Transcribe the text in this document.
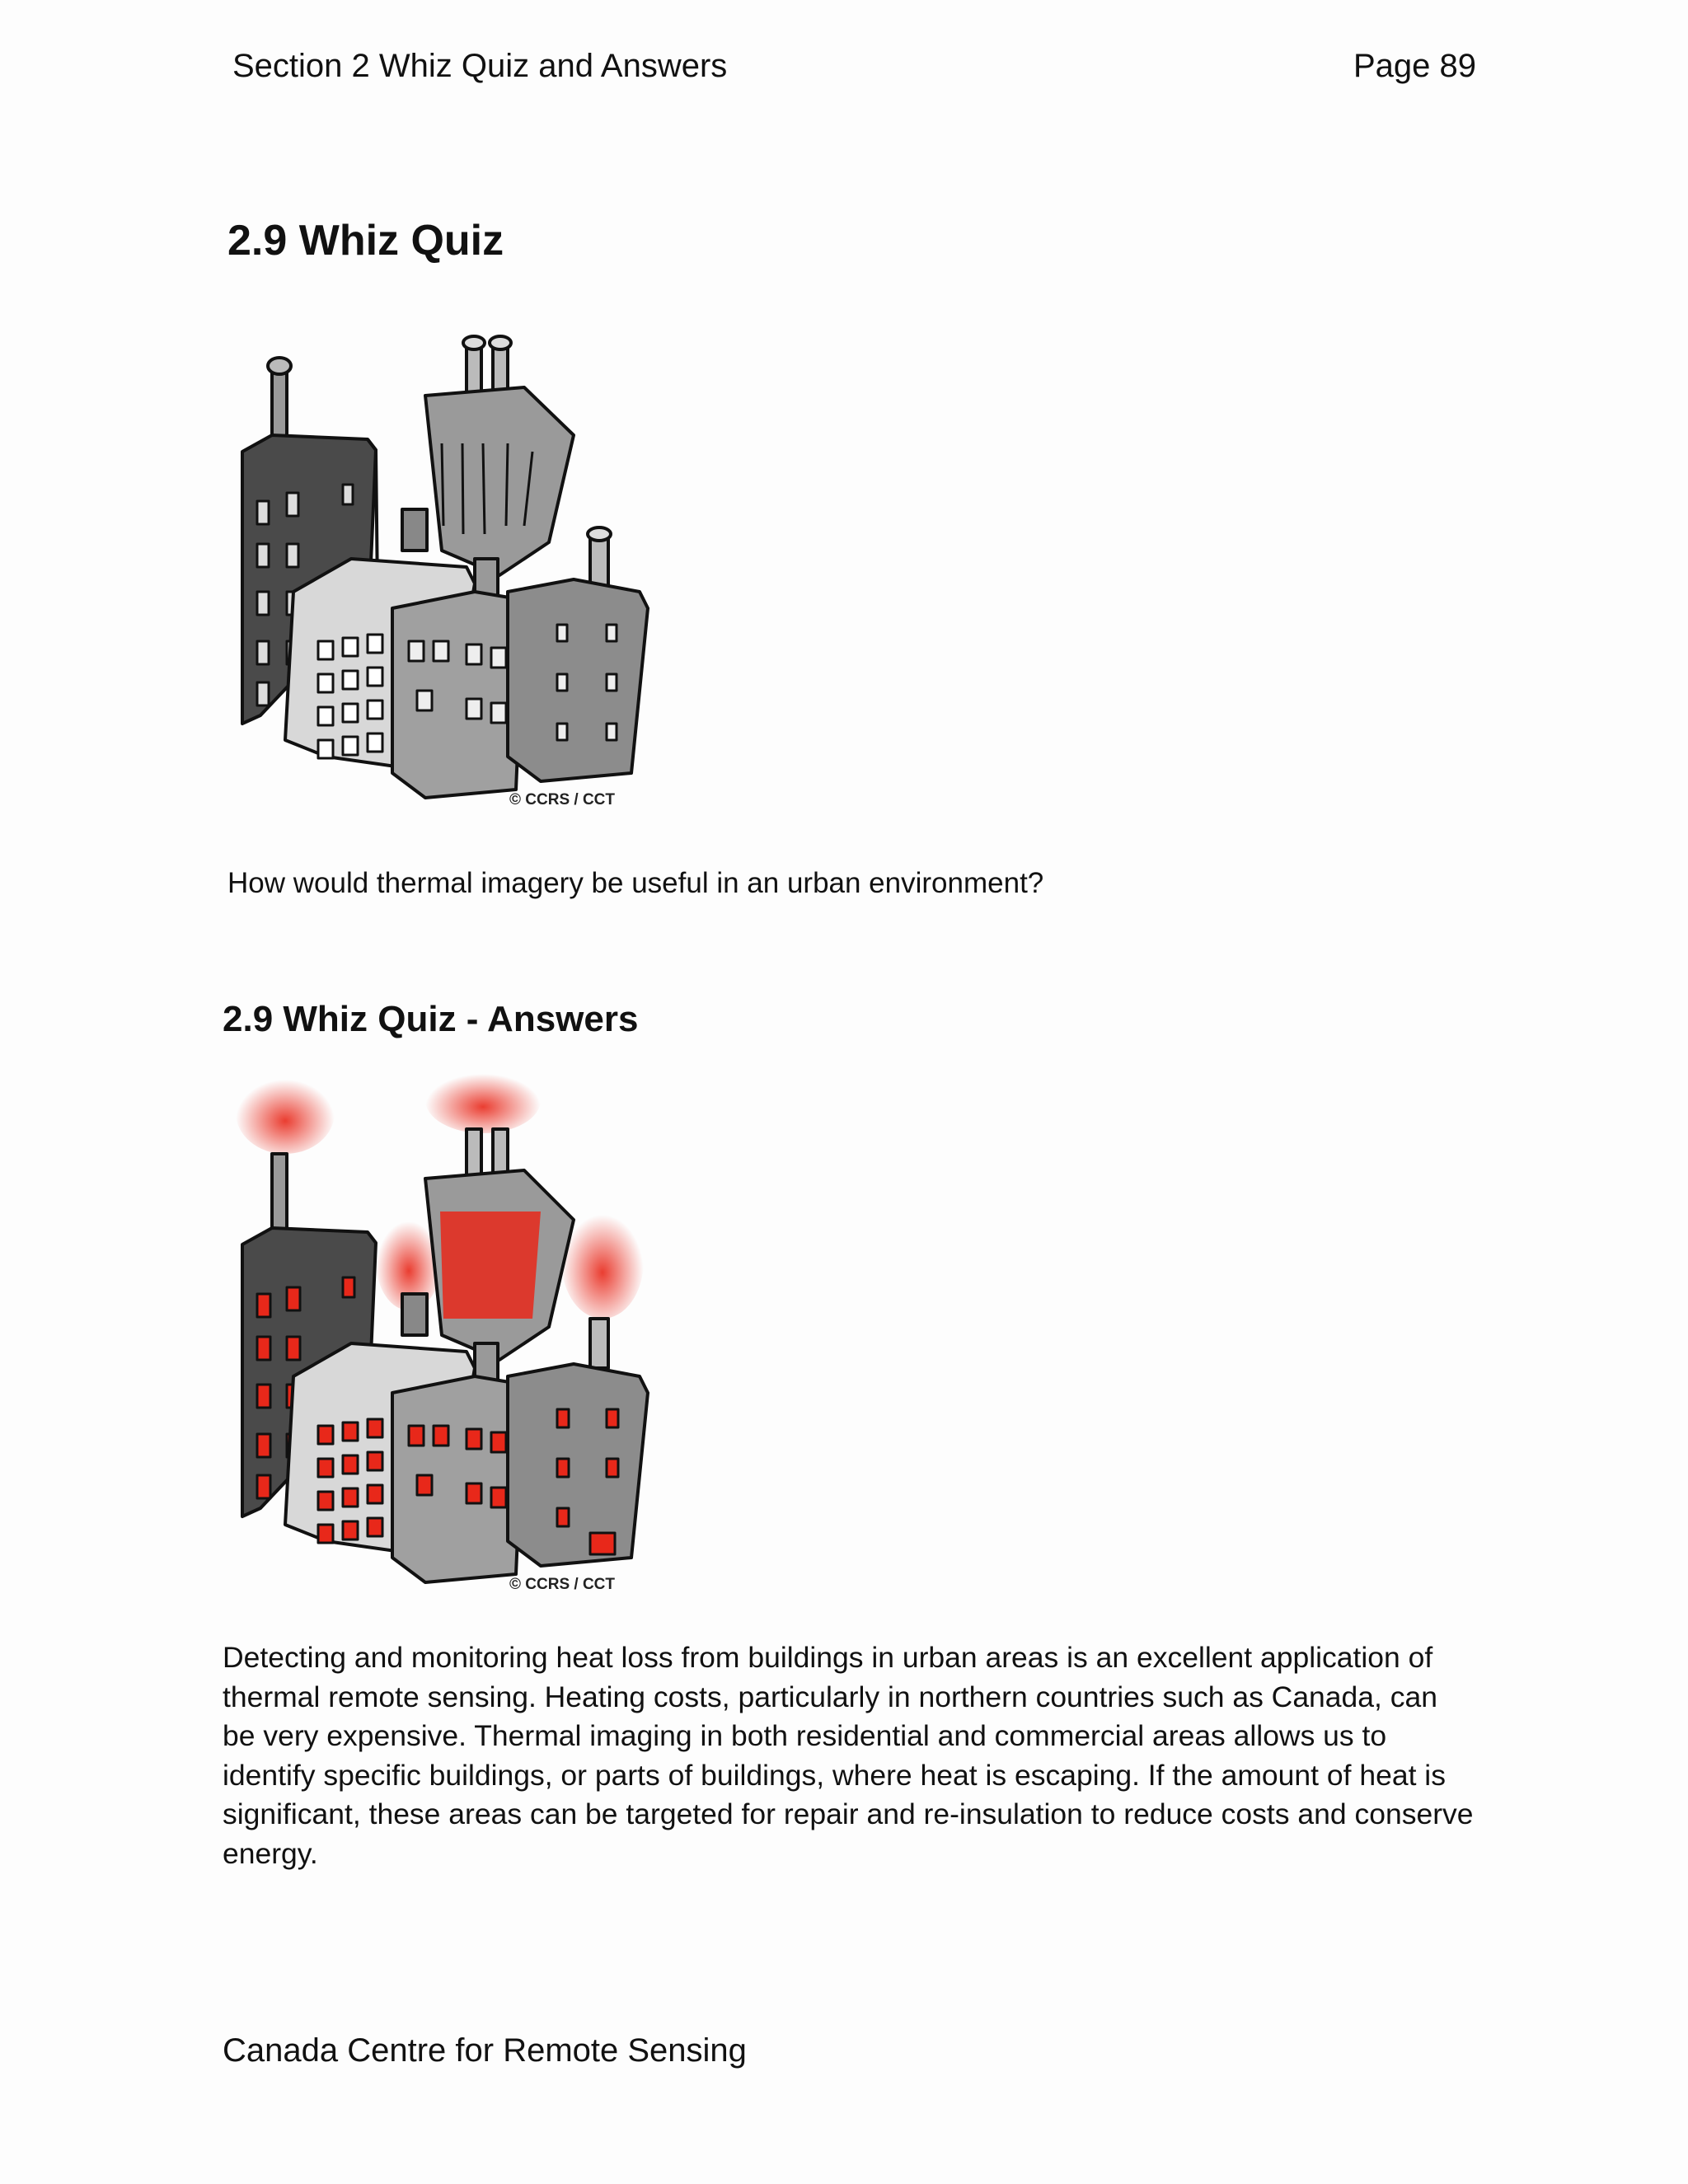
Section 2 Whiz Quiz and Answers	Page 89
2.9 Whiz Quiz
© CCRS / CCT
How would thermal imagery be useful in an urban environment?
2.9 Whiz Quiz - Answers
© CCRS / CCT
Detecting and monitoring heat loss from buildings in urban areas is an excellent application of thermal remote sensing. Heating costs, particularly in northern countries such as Canada, can be very expensive. Thermal imaging in both residential and commercial areas allows us to identify specific buildings, or parts of buildings, where heat is escaping. If the amount of heat is significant, these areas can be targeted for repair and re-insulation to reduce costs and conserve energy.
Canada Centre for Remote Sensing
